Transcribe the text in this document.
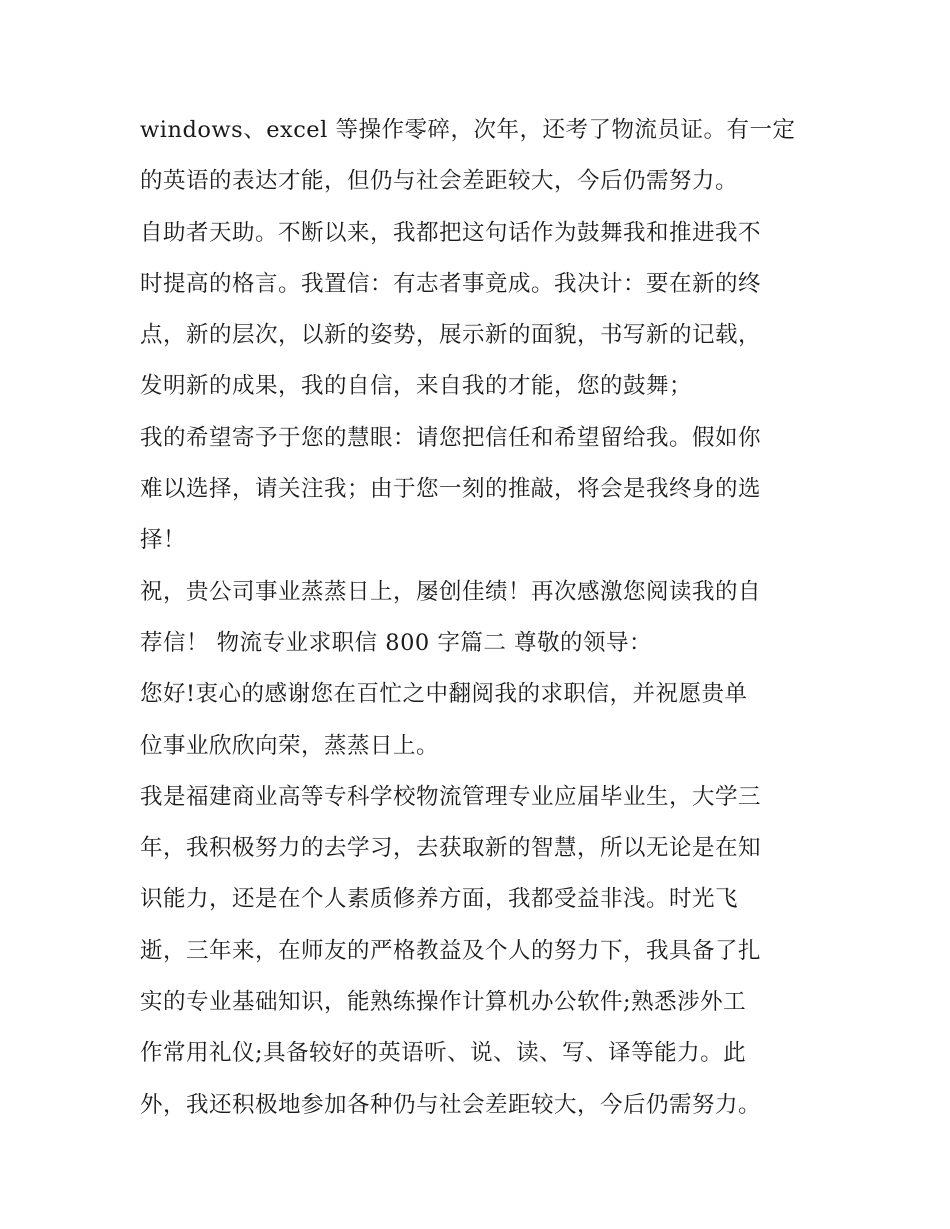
windows、excel 等操作零碎，次年，还考了物流员证。有一定
的英语的表达才能，但仍与社会差距较大，今后仍需努力。
自助者天助。不断以来，我都把这句话作为鼓舞我和推进我不
时提高的格言。我置信：有志者事竟成。我决计：要在新的终
点，新的层次，以新的姿势，展示新的面貌，书写新的记载，
发明新的成果，我的自信，来自我的才能，您的鼓舞；
我的希望寄予于您的慧眼：请您把信任和希望留给我。假如你
难以选择，请关注我；由于您一刻的推敲，将会是我终身的选
择！
祝，贵公司事业蒸蒸日上，屡创佳绩！再次感激您阅读我的自
荐信！ 物流专业求职信 800 字篇二 尊敬的领导：
您好!衷心的感谢您在百忙之中翻阅我的求职信，并祝愿贵单
位事业欣欣向荣，蒸蒸日上。
我是福建商业高等专科学校物流管理专业应届毕业生，大学三
年，我积极努力的去学习，去获取新的智慧，所以无论是在知
识能力，还是在个人素质修养方面，我都受益非浅。时光飞
逝，三年来，在师友的严格教益及个人的努力下，我具备了扎
实的专业基础知识，能熟练操作计算机办公软件;熟悉涉外工
作常用礼仪;具备较好的英语听、说、读、写、译等能力。此
外，我还积极地参加各种仍与社会差距较大，今后仍需努力。
